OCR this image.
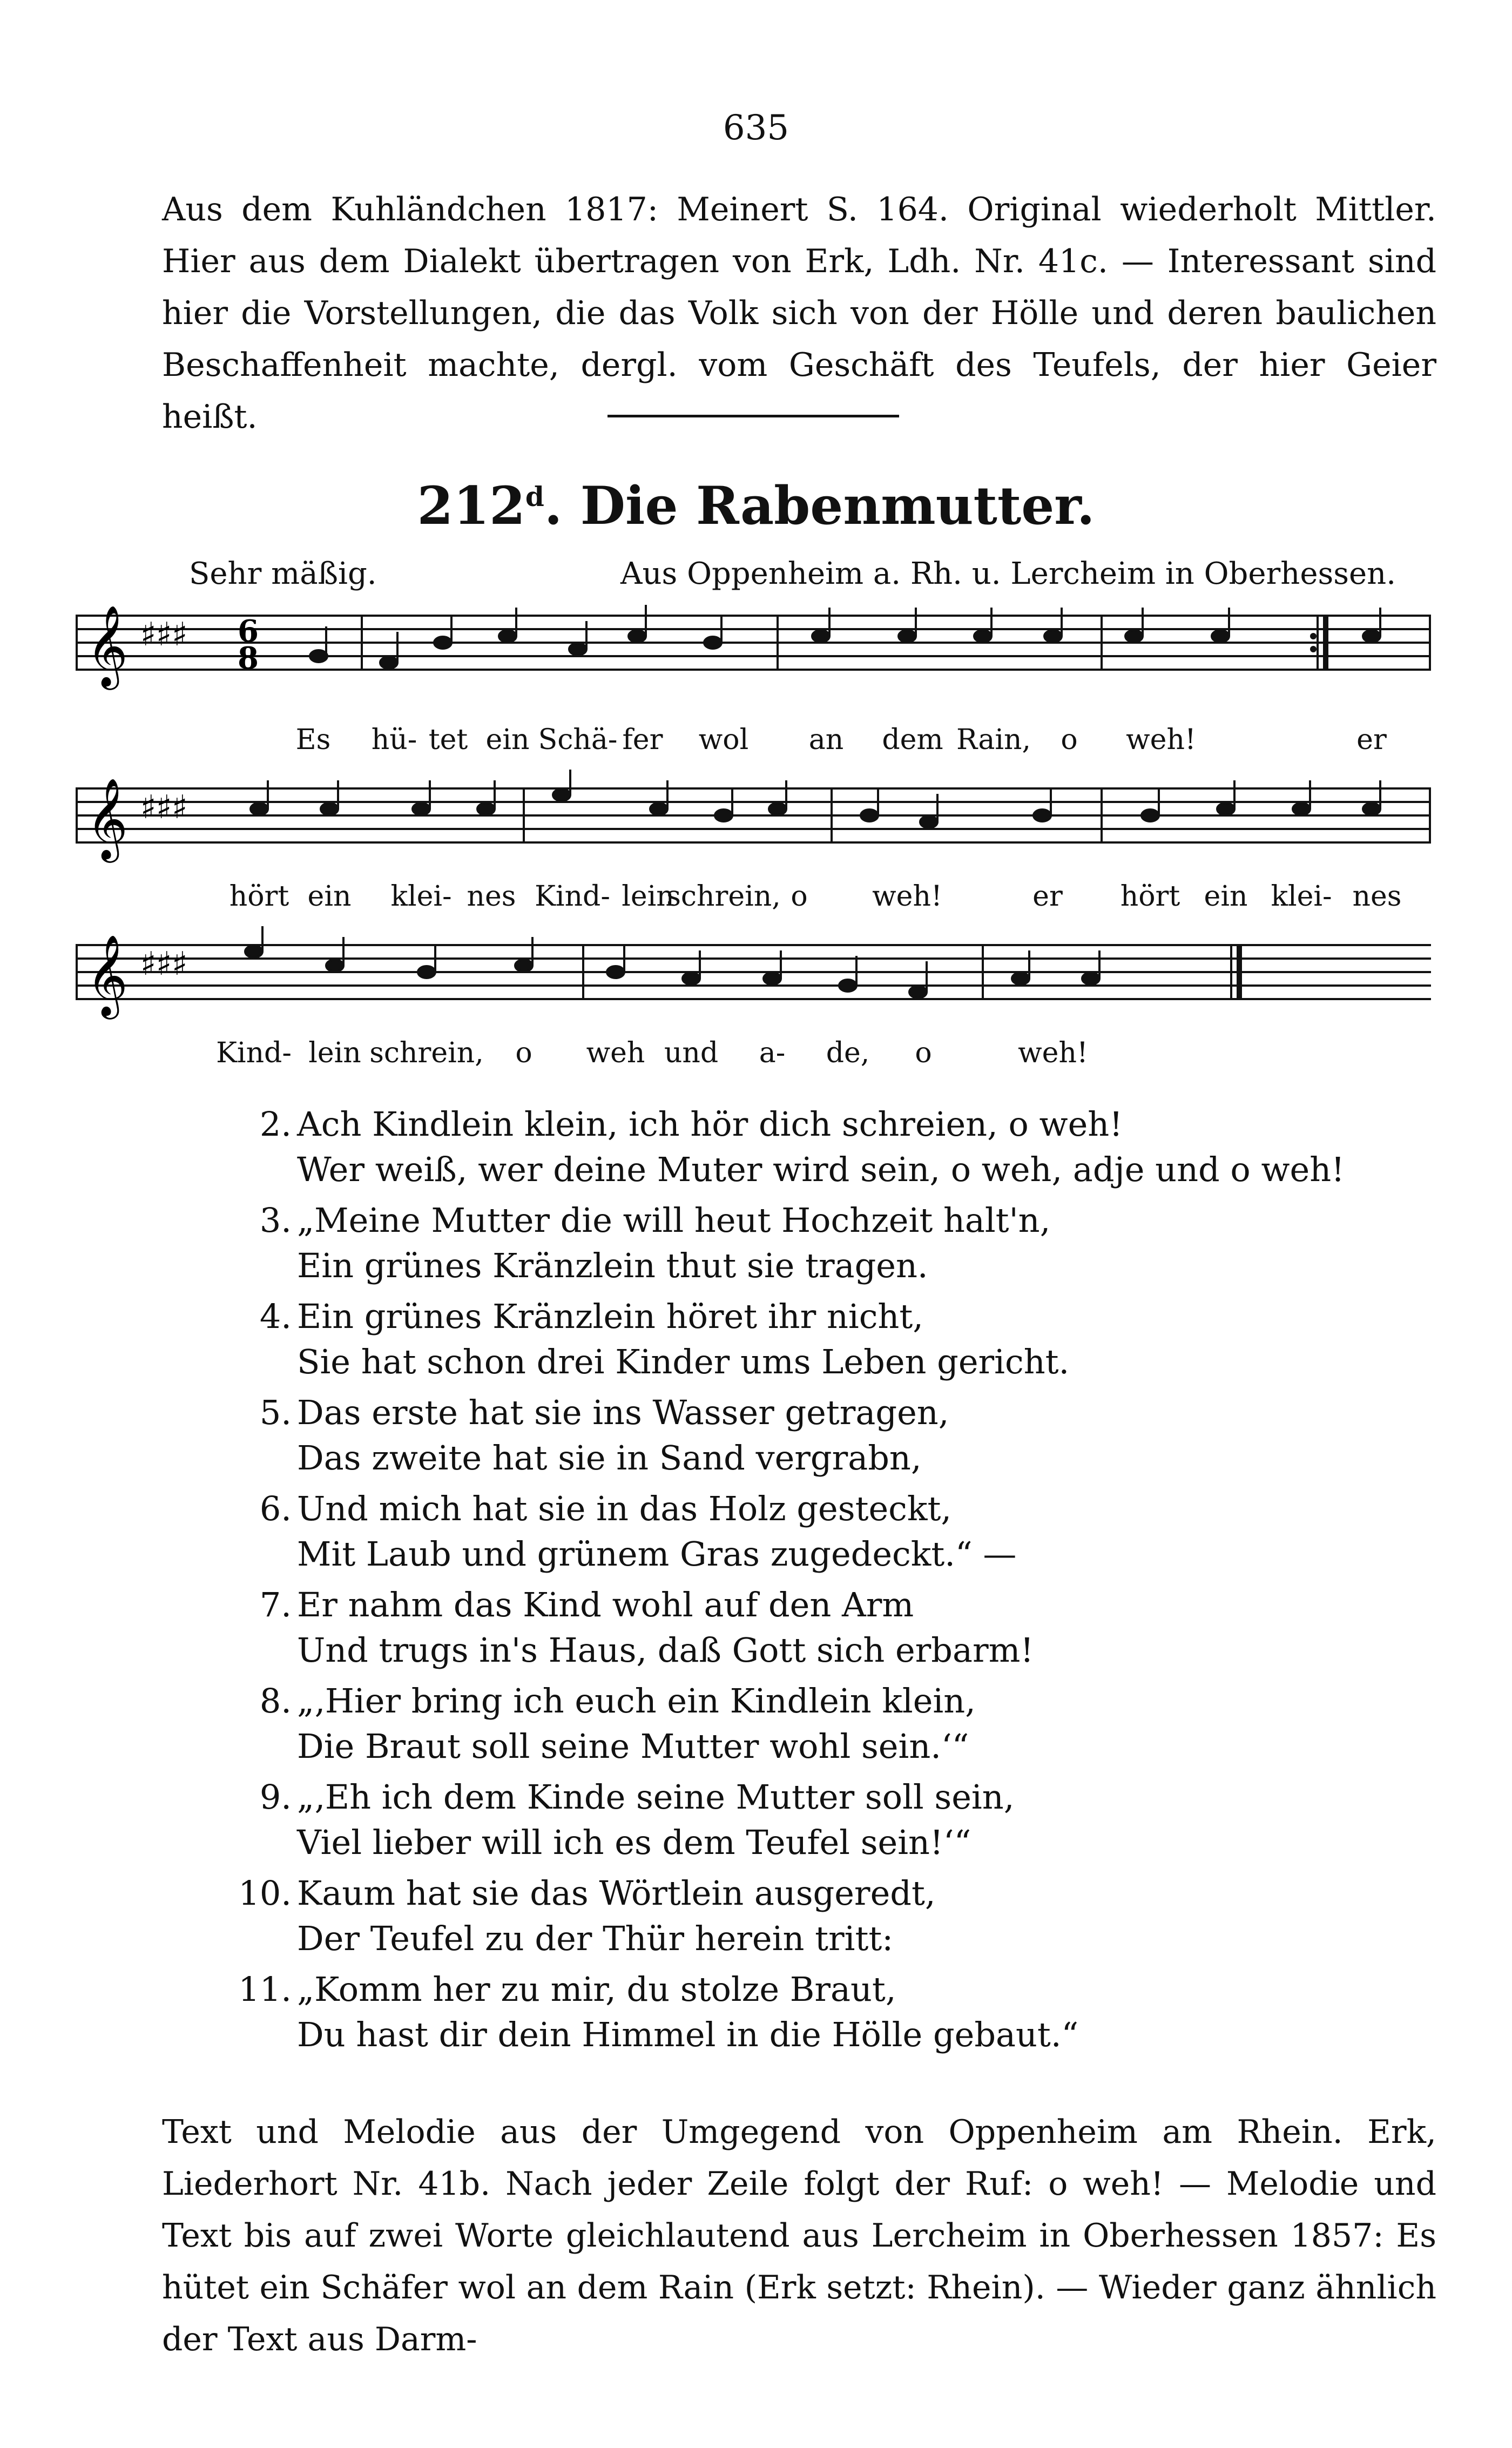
635
Aus dem Kuhländchen 1817: Meinert S. 164. Original wiederholt Mittler. Hier aus dem Dialekt übertragen von Erk, Ldh. Nr. 41c. — Interessant sind hier die Vorstellungen, die das Volk sich von der Hölle und deren baulichen Beschaffenheit machte, dergl. vom Geschäft des Teufels, der hier Geier heißt.
212$^d$. Die Rabenmutter.
Sehr mäßig.	Aus Oppenheim a. Rh. u. Lercheim in Oberhessen.
𝄞 ♯♯♯ 6
8
Es hü- tet ein Schä- fer wol an dem Rain, o weh!	er
𝄞 ♯♯♯
hört ein klei- nes Kind- lein
schrein, o weh!	er hört ein klei- nes
𝄞 ♯♯♯
Kind- lein schrein, o weh und a- de, o	weh!
2. Ach Kindlein klein, ich hör dich schreien, o weh!
Wer weiß, wer deine Muter wird sein, o weh, adje und o weh!
3. „Meine Mutter die will heut Hochzeit halt'n,
Ein grünes Kränzlein thut sie tragen.
4. Ein grünes Kränzlein höret ihr nicht,
Sie hat schon drei Kinder ums Leben gericht.
5. Das erste hat sie ins Wasser getragen,
Das zweite hat sie in Sand vergrabn,
6. Und mich hat sie in das Holz gesteckt,
Mit Laub und grünem Gras zugedeckt.“ —
7. Er nahm das Kind wohl auf den Arm
Und trugs in's Haus, daß Gott sich erbarm!
8. „‚Hier bring ich euch ein Kindlein klein,
Die Braut soll seine Mutter wohl sein.‘“
9. „‚Eh ich dem Kinde seine Mutter soll sein,
Viel lieber will ich es dem Teufel sein!‘“
10. Kaum hat sie das Wörtlein ausgeredt,
Der Teufel zu der Thür herein tritt:
11. „Komm her zu mir, du stolze Braut,
Du hast dir dein Himmel in die Hölle gebaut.“
Text und Melodie aus der Umgegend von Oppenheim am Rhein. Erk, Liederhort Nr. 41b. Nach jeder Zeile folgt der Ruf: o weh! — Melodie und Text bis auf zwei Worte gleichlautend aus Lercheim in Oberhessen 1857: Es hütet ein Schäfer wol an dem Rain (Erk setzt: Rhein). — Wieder ganz ähnlich der Text aus Darm-
